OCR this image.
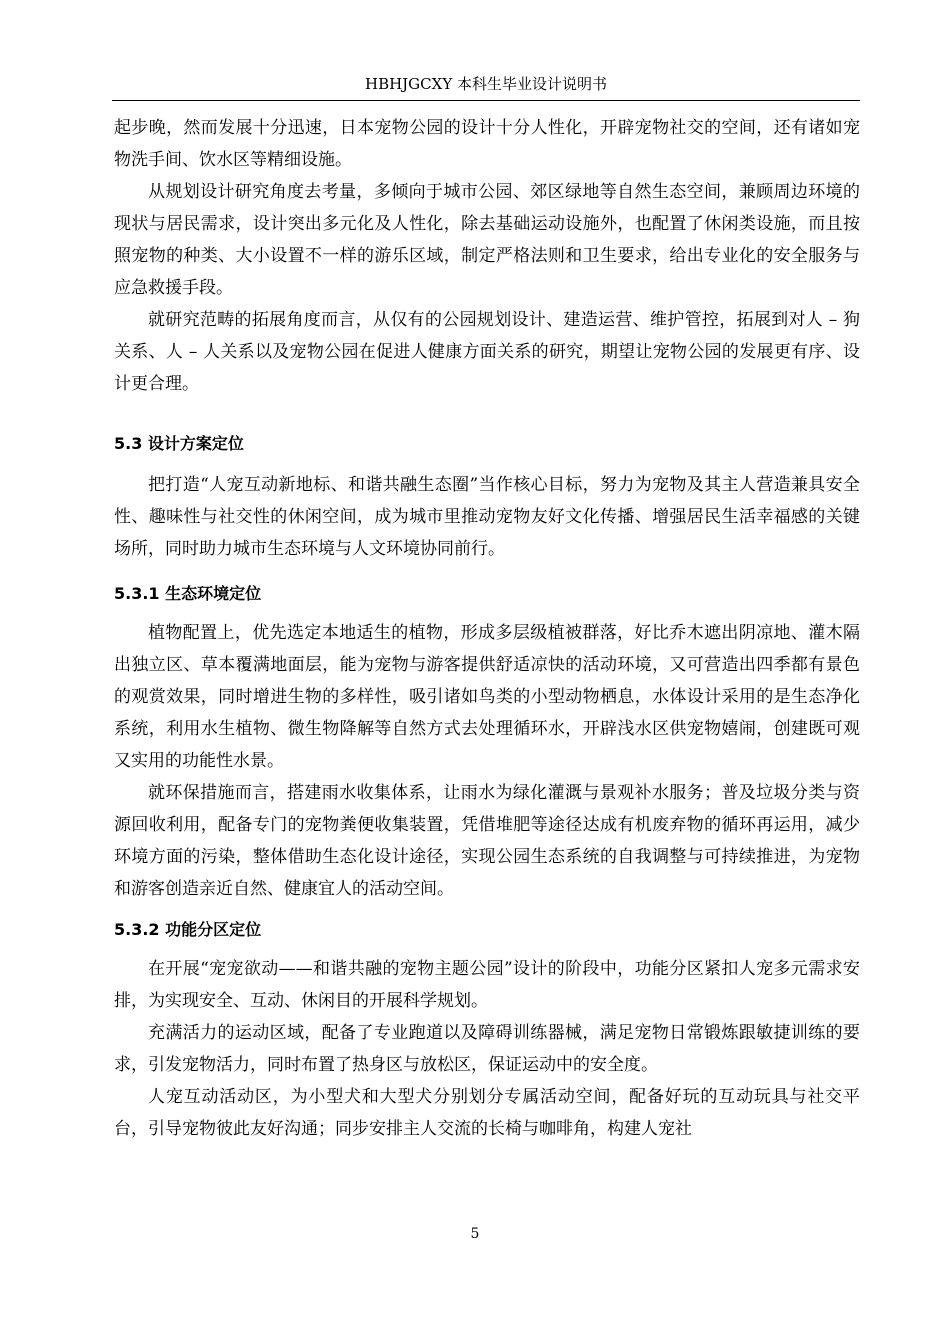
HBHJGCXY 本科生毕业设计说明书

起步晚，然而发展十分迅速，日本宠物公园的设计十分人性化，开辟宠物社交的空间，还有诸如宠物洗手间、饮水区等精细设施。

从规划设计研究角度去考量，多倾向于城市公园、郊区绿地等自然生态空间，兼顾周边环境的现状与居民需求，设计突出多元化及人性化，除去基础运动设施外，也配置了休闲类设施，而且按照宠物的种类、大小设置不一样的游乐区域，制定严格法则和卫生要求，给出专业化的安全服务与应急救援手段。

就研究范畴的拓展角度而言，从仅有的公园规划设计、建造运营、维护管控，拓展到对人 – 狗关系、人 – 人关系以及宠物公园在促进人健康方面关系的研究，期望让宠物公园的发展更有序、设计更合理。

5.3 设计方案定位

把打造“人宠互动新地标、和谐共融生态圈”当作核心目标，努力为宠物及其主人营造兼具安全性、趣味性与社交性的休闲空间，成为城市里推动宠物友好文化传播、增强居民生活幸福感的关键场所，同时助力城市生态环境与人文环境协同前行。

5.3.1 生态环境定位

植物配置上，优先选定本地适生的植物，形成多层级植被群落，好比乔木遮出阴凉地、灌木隔出独立区、草本覆满地面层，能为宠物与游客提供舒适凉快的活动环境，又可营造出四季都有景色的观赏效果，同时增进生物的多样性，吸引诸如鸟类的小型动物栖息，水体设计采用的是生态净化系统，利用水生植物、微生物降解等自然方式去处理循环水，开辟浅水区供宠物嬉闹，创建既可观又实用的功能性水景。

就环保措施而言，搭建雨水收集体系，让雨水为绿化灌溉与景观补水服务；普及垃圾分类与资源回收利用，配备专门的宠物粪便收集装置，凭借堆肥等途径达成有机废弃物的循环再运用，减少环境方面的污染，整体借助生态化设计途径，实现公园生态系统的自我调整与可持续推进，为宠物和游客创造亲近自然、健康宜人的活动空间。

5.3.2 功能分区定位

在开展“宠宠欲动——和谐共融的宠物主题公园”设计的阶段中，功能分区紧扣人宠多元需求安排，为实现安全、互动、休闲目的开展科学规划。

充满活力的运动区域，配备了专业跑道以及障碍训练器械，满足宠物日常锻炼跟敏捷训练的要求，引发宠物活力，同时布置了热身区与放松区，保证运动中的安全度。

人宠互动活动区，为小型犬和大型犬分别划分专属活动空间，配备好玩的互动玩具与社交平台，引导宠物彼此友好沟通；同步安排主人交流的长椅与咖啡角，构建人宠社

5
